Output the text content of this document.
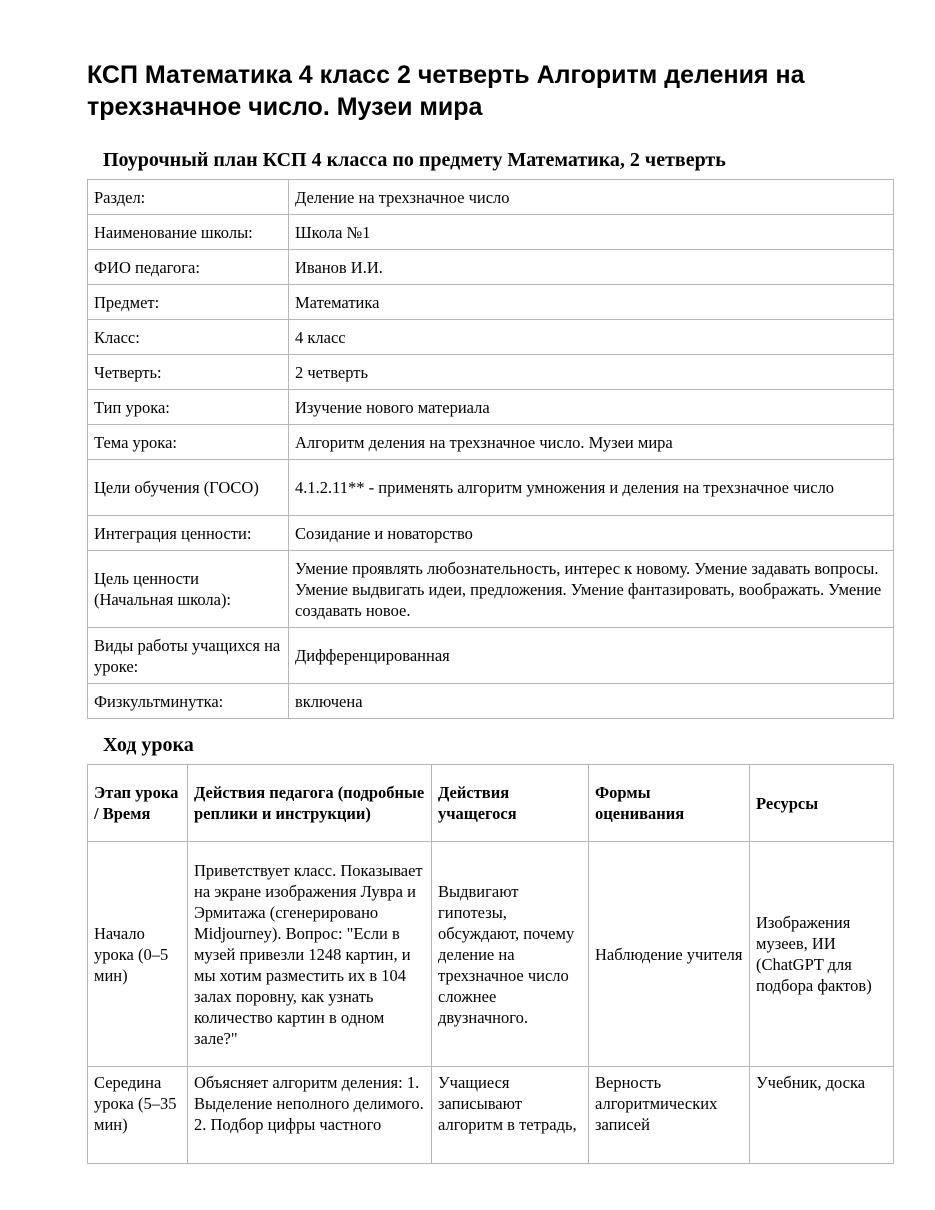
КСП Математика 4 класс 2 четверть Алгоритм деления на трехзначное число. Музеи мира
Поурочный план КСП 4 класса по предмету Математика, 2 четверть
Раздел:	Деление на трехзначное число
Наименование школы:	Школа №1
ФИО педагога:	Иванов И.И.
Предмет:	Математика
Класс:	4 класс
Четверть:	2 четверть
Тип урока:	Изучение нового материала
Тема урока:	Алгоритм деления на трехзначное число. Музеи мира
Цели обучения (ГОСО)	4.1.2.11** - применять алгоритм умножения и деления на трехзначное число
Интеграция ценности:	Созидание и новаторство
Цель ценности (Начальная школа):	Умение проявлять любознательность, интерес к новому. Умение задавать вопросы. Умение выдвигать идеи, предложения. Умение фантазировать, воображать. Умение создавать новое.
Виды работы учащихся на уроке:	Дифференцированная
Физкультминутка:	включена
Ход урока
Этап урока / Время	Действия педагога (подробные реплики и инструкции)	Действия учащегося	Формы оценивания	Ресурсы
Начало урока (0–5 мин)	Приветствует класс. Показывает на экране изображения Лувра и Эрмитажа (сгенерировано Midjourney). Вопрос: "Если в музей привезли 1248 картин, и мы хотим разместить их в 104 залах поровну, как узнать количество картин в одном зале?"	Выдвигают гипотезы, обсуждают, почему деление на трехзначное число сложнее двузначного.	Наблюдение учителя	Изображения музеев, ИИ (ChatGPT для подбора фактов)
Середина урока (5–35 мин)	Объясняет алгоритм деления: 1. Выделение неполного делимого. 2. Подбор цифры частного	Учащиеся записывают алгоритм в тетрадь,	Верность алгоритмических записей	Учебник, доска
